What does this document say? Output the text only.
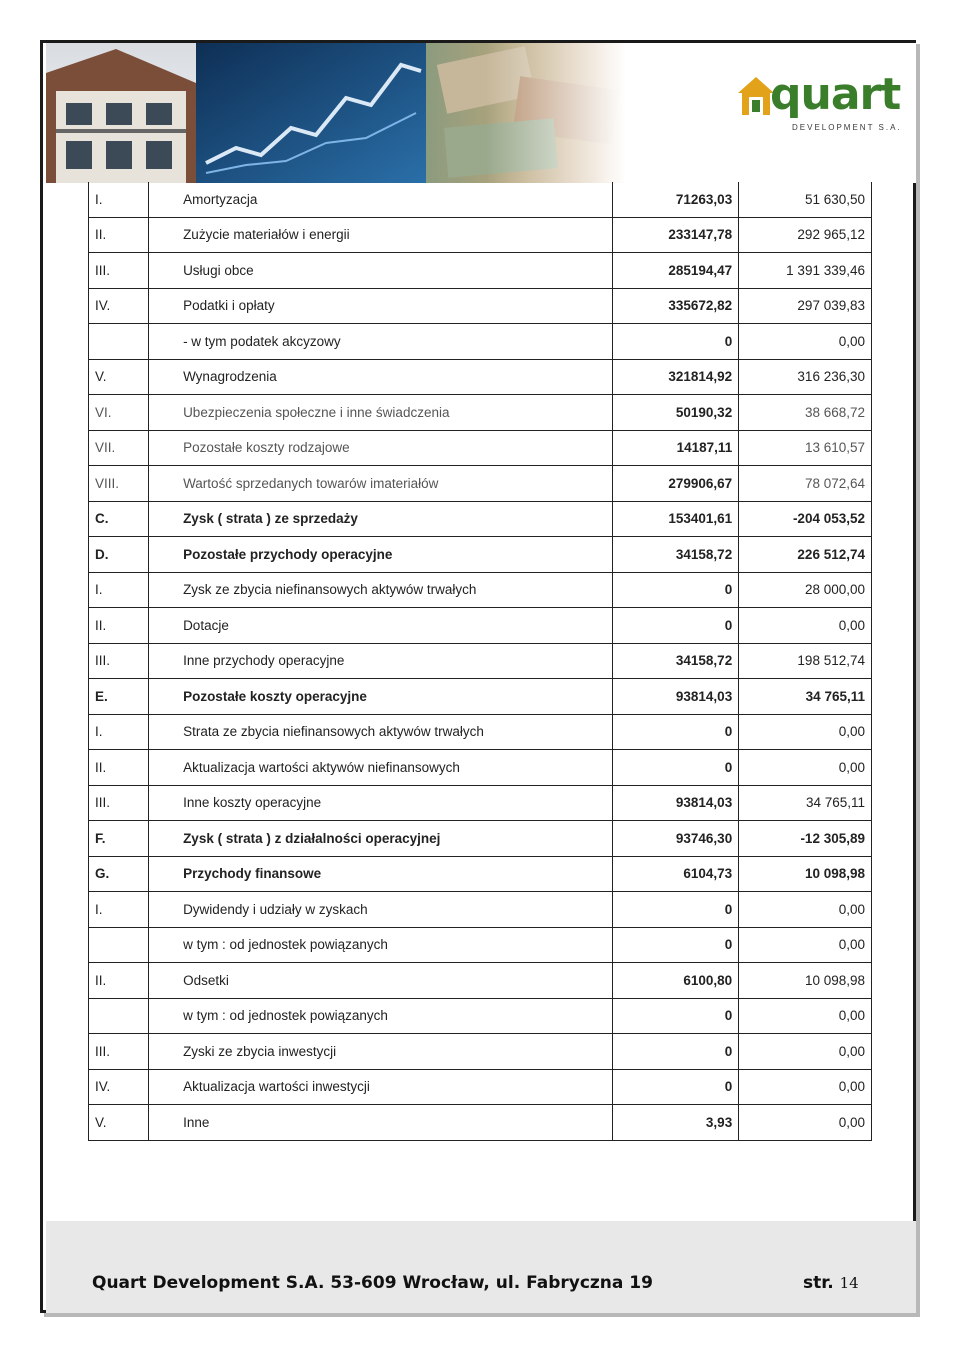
quart
DEVELOPMENT S.A.
I.	Amortyzacja	71263,03	51 630,50
II.	Zużycie materiałów i energii	233147,78	292 965,12
III.	Usługi obce	285194,47	1 391 339,46
IV.	Podatki i opłaty	335672,82	297 039,83
	- w tym podatek akcyzowy	0	0,00
V.	Wynagrodzenia	321814,92	316 236,30
VI.	Ubezpieczenia społeczne i inne świadczenia	50190,32	38 668,72
VII.	Pozostałe koszty rodzajowe	14187,11	13 610,57
VIII.	Wartość sprzedanych towarów imateriałów	279906,67	78 072,64
C.	Zysk ( strata ) ze sprzedaży	153401,61	-204 053,52
D.	Pozostałe przychody operacyjne	34158,72	226 512,74
I.	Zysk ze zbycia niefinansowych aktywów trwałych	0	28 000,00
II.	Dotacje	0	0,00
III.	Inne przychody operacyjne	34158,72	198 512,74
E.	Pozostałe koszty operacyjne	93814,03	34 765,11
I.	Strata ze zbycia niefinansowych aktywów trwałych	0	0,00
II.	Aktualizacja wartości aktywów niefinansowych	0	0,00
III.	Inne koszty operacyjne	93814,03	34 765,11
F.	Zysk ( strata ) z działalności operacyjnej	93746,30	-12 305,89
G.	Przychody finansowe	6104,73	10 098,98
I.	Dywidendy i udziały w zyskach	0	0,00
	w tym : od jednostek powiązanych	0	0,00
II.	Odsetki	6100,80	10 098,98
	w tym : od jednostek powiązanych	0	0,00
III.	Zyski ze zbycia inwestycji	0	0,00
IV.	Aktualizacja wartości inwestycji	0	0,00
V.	Inne	3,93	0,00
Quart Development S.A. 53-609 Wrocław, ul. Fabryczna 19	str. 14
